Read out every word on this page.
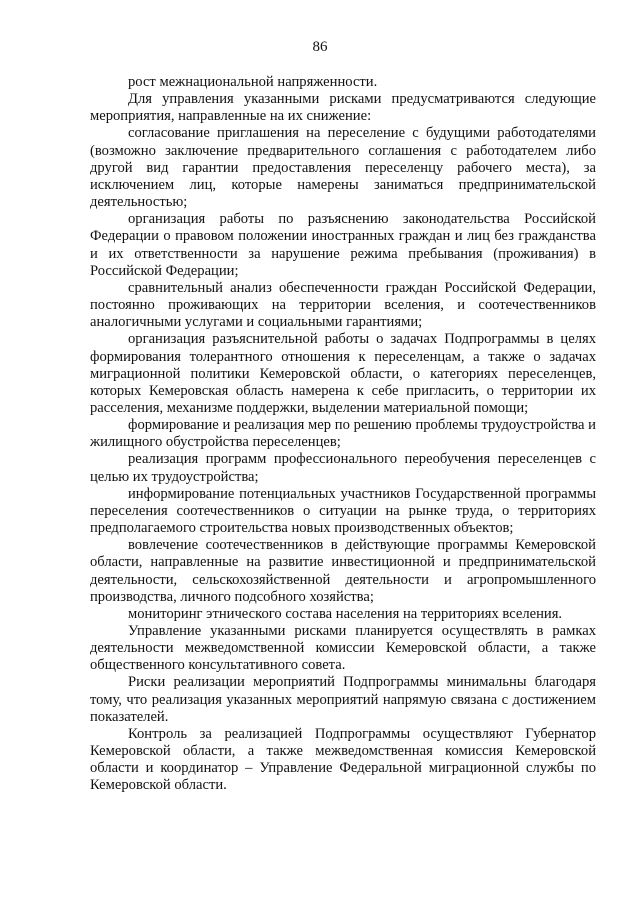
86

рост межнациональной напряженности.

Для управления указанными рисками предусматриваются следующие мероприятия, направленные на их снижение:

согласование приглашения на переселение с будущими работодателями (возможно заключение предварительного соглашения с работодателем либо другой вид гарантии предоставления переселенцу рабочего места), за исключением лиц, которые намерены заниматься предпринимательской деятельностью;

организация работы по разъяснению законодательства Российской Федерации о правовом положении иностранных граждан и лиц без гражданства и их ответственности за нарушение режима пребывания (проживания) в Российской Федерации;

сравнительный анализ обеспеченности граждан Российской Федерации, постоянно проживающих на территории вселения, и соотечественников аналогичными услугами и социальными гарантиями;

организация разъяснительной работы о задачах Подпрограммы в целях формирования толерантного отношения к переселенцам, а также о задачах миграционной политики Кемеровской области, о категориях переселенцев, которых Кемеровская область намерена к себе пригласить, о территории их расселения, механизме поддержки, выделении материальной помощи;

формирование и реализация мер по решению проблемы трудоустройства и жилищного обустройства переселенцев;

реализация программ профессионального переобучения переселенцев с целью их трудоустройства;

информирование потенциальных участников Государственной программы переселения соотечественников о ситуации на рынке труда, о территориях предполагаемого строительства новых производственных объектов;

вовлечение соотечественников в действующие программы Кемеровской области, направленные на развитие инвестиционной и предпринимательской деятельности, сельскохозяйственной деятельности и агропромышленного производства, личного подсобного хозяйства;

мониторинг этнического состава населения на территориях вселения.

Управление указанными рисками планируется осуществлять в рамках деятельности межведомственной комиссии Кемеровской области, а также общественного консультативного совета.

Риски реализации мероприятий Подпрограммы минимальны благодаря тому, что реализация указанных мероприятий напрямую связана с достижением показателей.

Контроль за реализацией Подпрограммы осуществляют Губернатор Кемеровской области, а также межведомственная комиссия Кемеровской области и координатор – Управление Федеральной миграционной службы по Кемеровской области.
